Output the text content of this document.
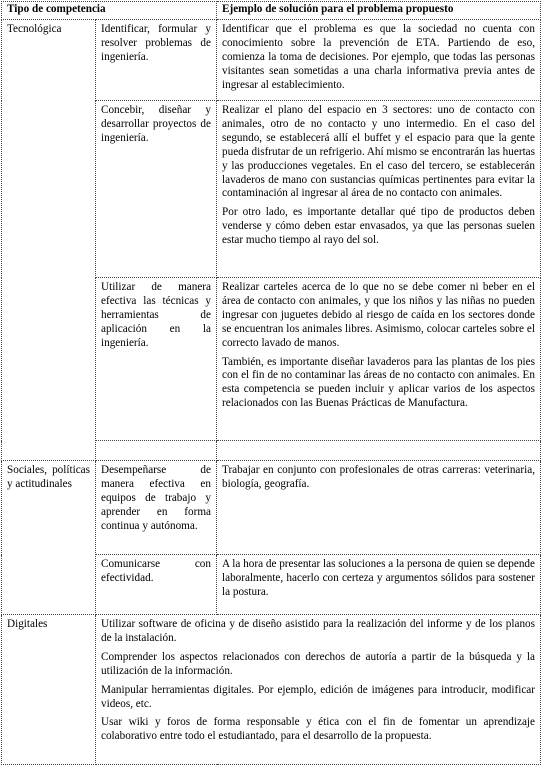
Tipo de competencia		Ejemplo de solución para el problema propuesto
Tecnológica	Identificar, formular y resolver problemas de ingeniería.	Identificar que el problema es que la sociedad no cuenta con conocimiento sobre la prevención de ETA. Partiendo de eso, comienza la toma de decisiones. Por ejemplo, que todas las personas visitantes sean sometidas a una charla informativa previa antes de ingresar al establecimiento.

	Concebir, diseñar y desarrollar proyectos de ingeniería.	Realizar el plano del espacio en 3 sectores: uno de contacto con animales, otro de no contacto y uno intermedio. En el caso del segundo, se establecerá allí el buffet y el espacio para que la gente pueda disfrutar de un refrigerio. Ahí mismo se encontrarán las huertas y las producciones vegetales. En el caso del tercero, se establecerán lavaderos de mano con sustancias químicas pertinentes para evitar la contaminación al ingresar al área de no contacto con animales.
Por otro lado, es importante detallar qué tipo de productos deben venderse y cómo deben estar envasados, ya que las personas suelen estar mucho tiempo al rayo del sol.

	Utilizar de manera efectiva las técnicas y herramientas de aplicación en la ingeniería.	Realizar carteles acerca de lo que no se debe comer ni beber en el área de contacto con animales, y que los niños y las niñas no pueden ingresar con juguetes debido al riesgo de caída en los sectores donde se encuentran los animales libres. Asimismo, colocar carteles sobre el correcto lavado de manos.
También, es importante diseñar lavaderos para las plantas de los pies con el fin de no contaminar las áreas de no contacto con animales. En esta competencia se pueden incluir y aplicar varios de los aspectos relacionados con las Buenas Prácticas de Manufactura.

Sociales, políticas y actitudinales	Desempeñarse de manera efectiva en equipos de trabajo y aprender en forma continua y autónoma.	Trabajar en conjunto con profesionales de otras carreras: veterinaria, biología, geografía.

	Comunicarse con efectividad.	A la hora de presentar las soluciones a la persona de quien se depende laboralmente, hacerlo con certeza y argumentos sólidos para sostener la postura.

Digitales	Utilizar software de oficina y de diseño asistido para la realización del informe y de los planos de la instalación.
Comprender los aspectos relacionados con derechos de autoría a partir de la búsqueda y la utilización de la información.
Manipular herramientas digitales. Por ejemplo, edición de imágenes para introducir, modificar videos, etc.
Usar wiki y foros de forma responsable y ética con el fin de fomentar un aprendizaje colaborativo entre todo el estudiantado, para el desarrollo de la propuesta.	
